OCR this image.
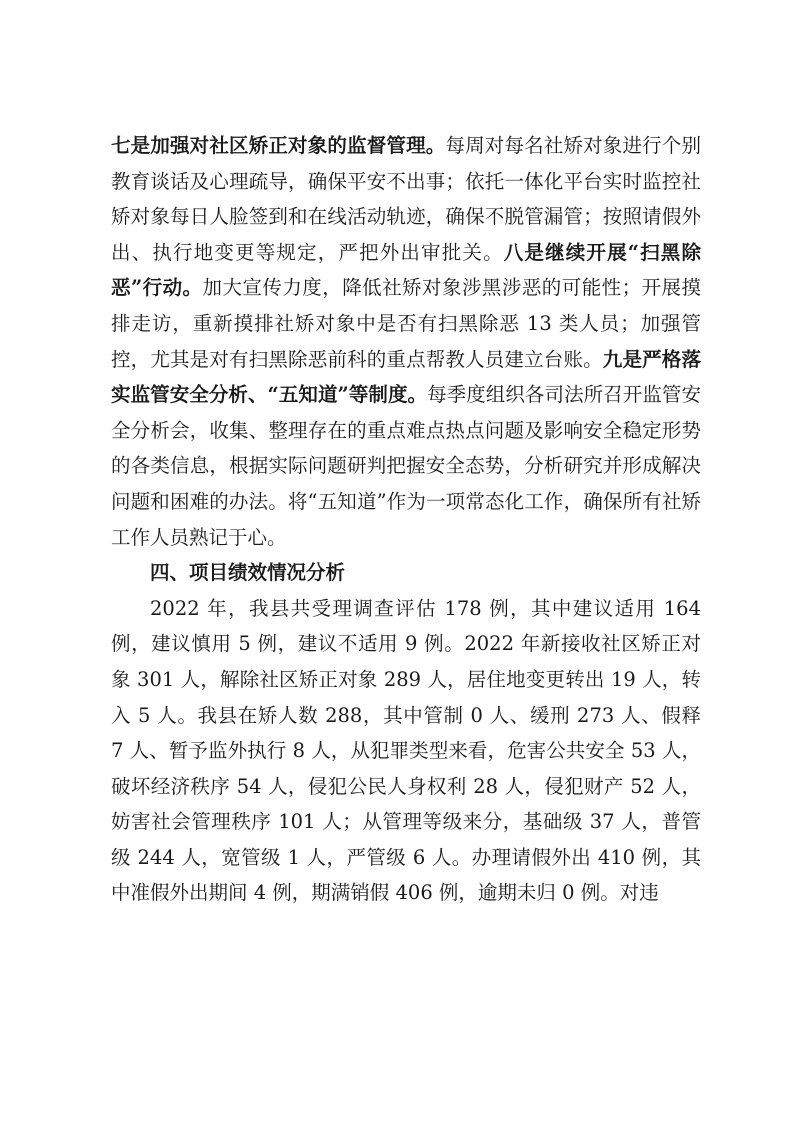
七是加强对社区矫正对象的监督管理。每周对每名社矫对象进行个别教育谈话及心理疏导，确保平安不出事；依托一体化平台实时监控社矫对象每日人脸签到和在线活动轨迹，确保不脱管漏管；按照请假外出、执行地变更等规定，严把外出审批关。八是继续开展“扫黑除恶”行动。加大宣传力度，降低社矫对象涉黑涉恶的可能性；开展摸排走访，重新摸排社矫对象中是否有扫黑除恶 13 类人员；加强管控，尤其是对有扫黑除恶前科的重点帮教人员建立台账。九是严格落实监管安全分析、“五知道”等制度。每季度组织各司法所召开监管安全分析会，收集、整理存在的重点难点热点问题及影响安全稳定形势的各类信息，根据实际问题研判把握安全态势，分析研究并形成解决问题和困难的办法。将“五知道”作为一项常态化工作，确保所有社矫工作人员熟记于心。

四、项目绩效情况分析

2022 年，我县共受理调查评估 178 例，其中建议适用 164 例，建议慎用 5 例，建议不适用 9 例。2022 年新接收社区矫正对象 301 人，解除社区矫正对象 289 人，居住地变更转出 19 人，转入 5 人。我县在矫人数 288，其中管制 0 人、缓刑 273 人、假释 7 人、暂予监外执行 8 人，从犯罪类型来看，危害公共安全 53 人，破坏经济秩序 54 人，侵犯公民人身权利 28 人，侵犯财产 52 人，妨害社会管理秩序 101 人；从管理等级来分，基础级 37 人，普管级 244 人，宽管级 1 人，严管级 6 人。办理请假外出 410 例，其中准假外出期间 4 例，期满销假 406 例，逾期未归 0 例。对违
